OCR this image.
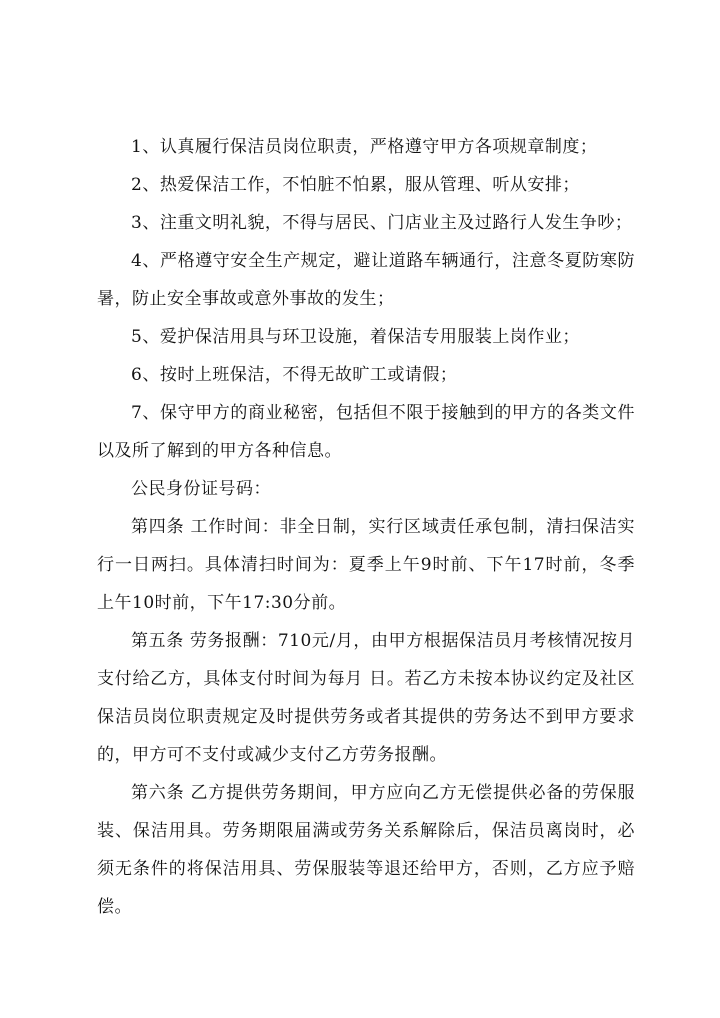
1、认真履行保洁员岗位职责，严格遵守甲方各项规章制度；

2、热爱保洁工作，不怕脏不怕累，服从管理、听从安排；

3、注重文明礼貌，不得与居民、门店业主及过路行人发生争吵；

4、严格遵守安全生产规定，避让道路车辆通行，注意冬夏防寒防暑，防止安全事故或意外事故的发生；

5、爱护保洁用具与环卫设施，着保洁专用服装上岗作业；

6、按时上班保洁，不得无故旷工或请假；

7、保守甲方的商业秘密，包括但不限于接触到的甲方的各类文件以及所了解到的甲方各种信息。

公民身份证号码：

第四条 工作时间：非全日制，实行区域责任承包制，清扫保洁实行一日两扫。具体清扫时间为：夏季上午9时前、下午17时前，冬季上午10时前，下午17:30分前。

第五条 劳务报酬：710元/月，由甲方根据保洁员月考核情况按月支付给乙方，具体支付时间为每月 日。若乙方未按本协议约定及社区保洁员岗位职责规定及时提供劳务或者其提供的劳务达不到甲方要求的，甲方可不支付或减少支付乙方劳务报酬。

第六条 乙方提供劳务期间，甲方应向乙方无偿提供必备的劳保服装、保洁用具。劳务期限届满或劳务关系解除后，保洁员离岗时，必须无条件的将保洁用具、劳保服装等退还给甲方，否则，乙方应予赔偿。
